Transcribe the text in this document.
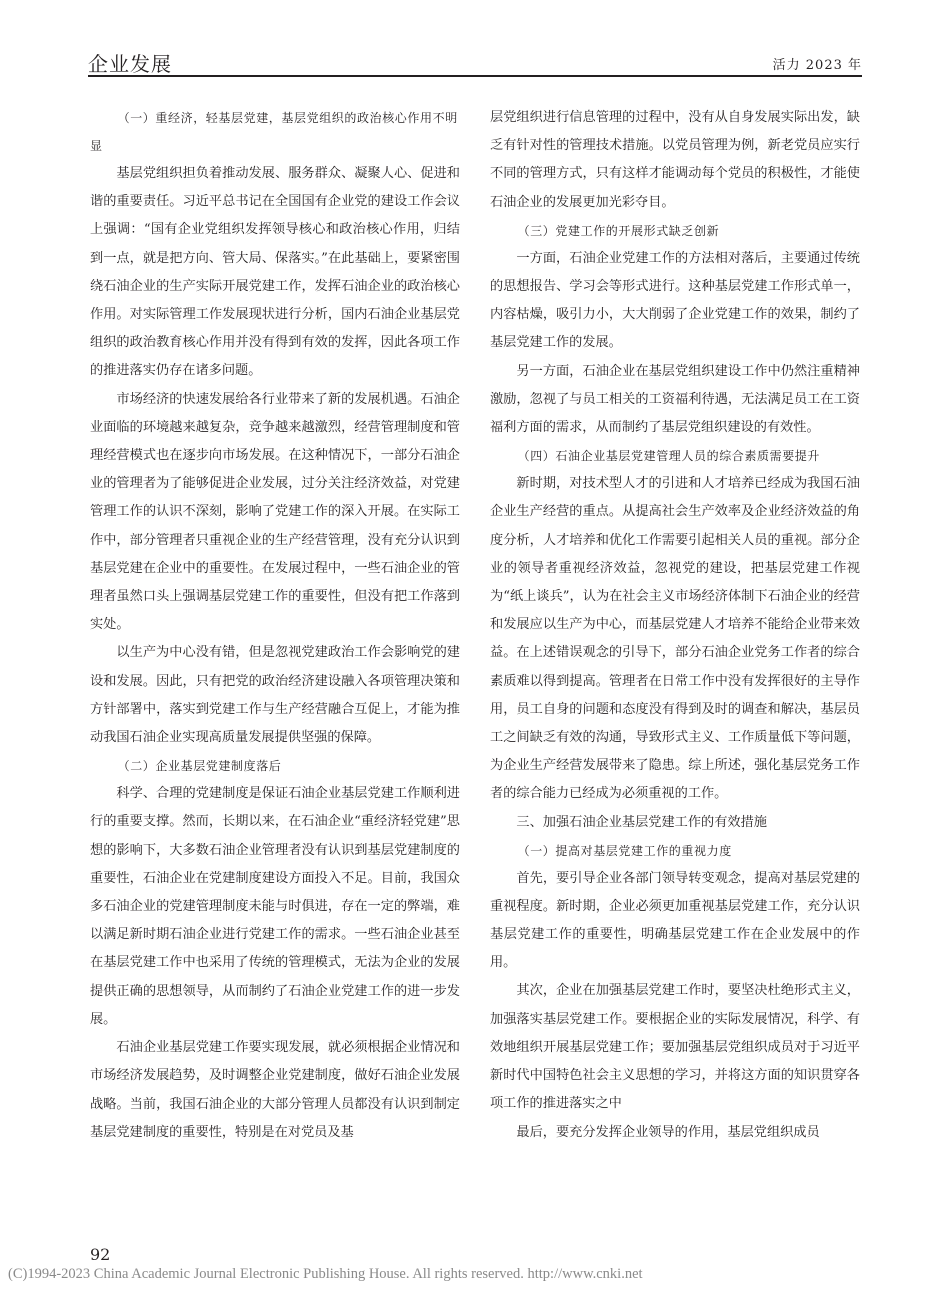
企业发展	活力 2023 年

（一）重经济，轻基层党建，基层党组织的政治核心作用不明显

基层党组织担负着推动发展、服务群众、凝聚人心、促进和谐的重要责任。习近平总书记在全国国有企业党的建设工作会议上强调：“国有企业党组织发挥领导核心和政治核心作用，归结到一点，就是把方向、管大局、保落实。”在此基础上，要紧密围绕石油企业的生产实际开展党建工作，发挥石油企业的政治核心作用。对实际管理工作发展现状进行分析，国内石油企业基层党组织的政治教育核心作用并没有得到有效的发挥，因此各项工作的推进落实仍存在诸多问题。

市场经济的快速发展给各行业带来了新的发展机遇。石油企业面临的环境越来越复杂，竞争越来越激烈，经营管理制度和管理经营模式也在逐步向市场发展。在这种情况下，一部分石油企业的管理者为了能够促进企业发展，过分关注经济效益，对党建管理工作的认识不深刻，影响了党建工作的深入开展。在实际工作中，部分管理者只重视企业的生产经营管理，没有充分认识到基层党建在企业中的重要性。在发展过程中，一些石油企业的管理者虽然口头上强调基层党建工作的重要性，但没有把工作落到实处。

以生产为中心没有错，但是忽视党建政治工作会影响党的建设和发展。因此，只有把党的政治经济建设融入各项管理决策和方针部署中，落实到党建工作与生产经营融合互促上，才能为推动我国石油企业实现高质量发展提供坚强的保障。

（二）企业基层党建制度落后

科学、合理的党建制度是保证石油企业基层党建工作顺利进行的重要支撑。然而，长期以来，在石油企业“重经济轻党建”思想的影响下，大多数石油企业管理者没有认识到基层党建制度的重要性，石油企业在党建制度建设方面投入不足。目前，我国众多石油企业的党建管理制度未能与时俱进，存在一定的弊端，难以满足新时期石油企业进行党建工作的需求。一些石油企业甚至在基层党建工作中也采用了传统的管理模式，无法为企业的发展提供正确的思想领导，从而制约了石油企业党建工作的进一步发展。

石油企业基层党建工作要实现发展，就必须根据企业情况和市场经济发展趋势，及时调整企业党建制度，做好石油企业发展战略。当前，我国石油企业的大部分管理人员都没有认识到制定基层党建制度的重要性，特别是在对党员及基

层党组织进行信息管理的过程中，没有从自身发展实际出发，缺乏有针对性的管理技术措施。以党员管理为例，新老党员应实行不同的管理方式，只有这样才能调动每个党员的积极性，才能使石油企业的发展更加光彩夺目。

（三）党建工作的开展形式缺乏创新

一方面，石油企业党建工作的方法相对落后，主要通过传统的思想报告、学习会等形式进行。这种基层党建工作形式单一，内容枯燥，吸引力小，大大削弱了企业党建工作的效果，制约了基层党建工作的发展。

另一方面，石油企业在基层党组织建设工作中仍然注重精神激励，忽视了与员工相关的工资福利待遇，无法满足员工在工资福利方面的需求，从而制约了基层党组织建设的有效性。

（四）石油企业基层党建管理人员的综合素质需要提升

新时期，对技术型人才的引进和人才培养已经成为我国石油企业生产经营的重点。从提高社会生产效率及企业经济效益的角度分析，人才培养和优化工作需要引起相关人员的重视。部分企业的领导者重视经济效益，忽视党的建设，把基层党建工作视为“纸上谈兵”，认为在社会主义市场经济体制下石油企业的经营和发展应以生产为中心，而基层党建人才培养不能给企业带来效益。在上述错误观念的引导下，部分石油企业党务工作者的综合素质难以得到提高。管理者在日常工作中没有发挥很好的主导作用，员工自身的问题和态度没有得到及时的调查和解决，基层员工之间缺乏有效的沟通，导致形式主义、工作质量低下等问题，为企业生产经营发展带来了隐患。综上所述，强化基层党务工作者的综合能力已经成为必须重视的工作。

三、加强石油企业基层党建工作的有效措施

（一）提高对基层党建工作的重视力度

首先，要引导企业各部门领导转变观念，提高对基层党建的重视程度。新时期，企业必须更加重视基层党建工作，充分认识基层党建工作的重要性，明确基层党建工作在企业发展中的作用。

其次，企业在加强基层党建工作时，要坚决杜绝形式主义，加强落实基层党建工作。要根据企业的实际发展情况，科学、有效地组织开展基层党建工作；要加强基层党组织成员对于习近平新时代中国特色社会主义思想的学习，并将这方面的知识贯穿各项工作的推进落实之中

最后，要充分发挥企业领导的作用，基层党组织成员

92
(C)1994-2023 China Academic Journal Electronic Publishing House. All rights reserved. http://www.cnki.net
